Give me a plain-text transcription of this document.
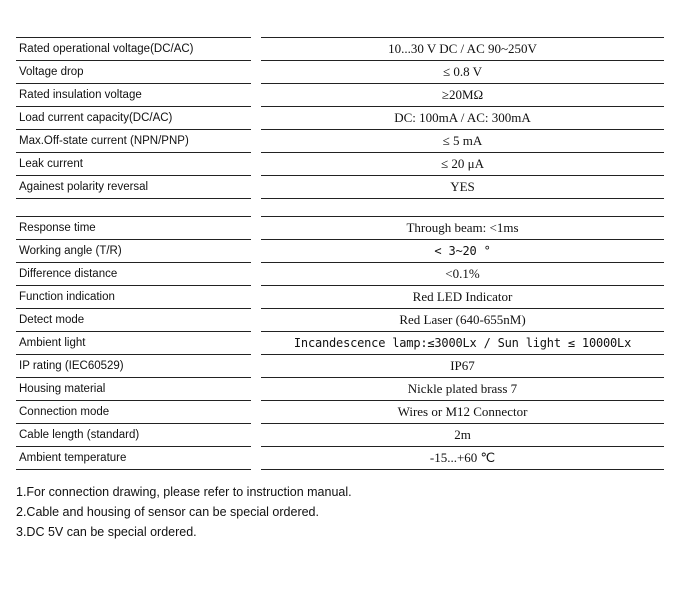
Rated operational voltage(DC/AC)	10...30 V DC / AC 90~250V
Voltage drop	≤ 0.8 V
Rated insulation voltage	≥20MΩ
Load current capacity(DC/AC)	DC: 100mA / AC: 300mA
Max.Off-state current (NPN/PNP)	≤ 5 mA
Leak current	≤ 20 μA
Againest polarity reversal	YES
Response time	Through beam: <1ms
Working angle (T/R)	< 3~20 °
Difference distance	<0.1%
Function indication	Red LED Indicator
Detect mode	Red Laser (640-655nM)
Ambient light	Incandescence lamp:≤3000Lx / Sun light ≤ 10000Lx
IP rating (IEC60529)	IP67
Housing material	Nickle plated brass 7
Connection mode	Wires or M12 Connector
Cable length (standard)	2m
Ambient temperature	-15...+60 ℃
1.For connection drawing, please refer to instruction manual.
2.Cable and housing of sensor can be special ordered.
3.DC 5V can be special ordered.
